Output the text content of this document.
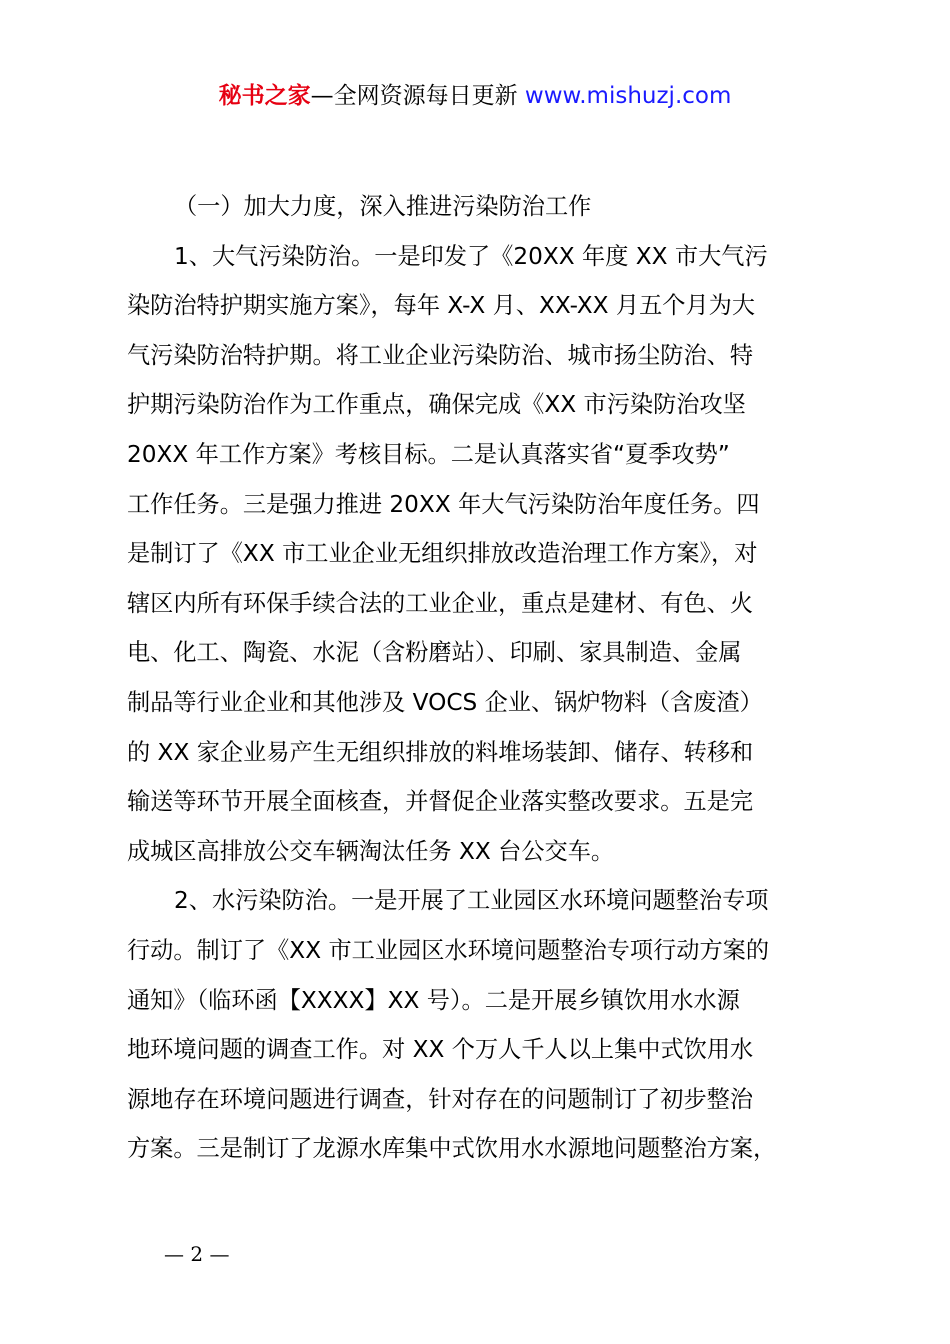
秘书之家—全网资源每日更新 www.mishuzj.com
（一）加大力度，深入推进污染防治工作
1、大气污染防治。一是印发了《20XX 年度 XX 市大气污
染防治特护期实施方案》，每年 X-X 月、XX-XX 月五个月为大
气污染防治特护期。将工业企业污染防治、城市扬尘防治、特
护期污染防治作为工作重点，确保完成《XX 市污染防治攻坚
20XX 年工作方案》考核目标。二是认真落实省“夏季攻势”
工作任务。三是强力推进 20XX 年大气污染防治年度任务。四
是制订了《XX 市工业企业无组织排放改造治理工作方案》，对
辖区内所有环保手续合法的工业企业，重点是建材、有色、火
电、化工、陶瓷、水泥（含粉磨站）、印刷、家具制造、金属
制品等行业企业和其他涉及 VOCS 企业、锅炉物料（含废渣）
的 XX 家企业易产生无组织排放的料堆场装卸、储存、转移和
输送等环节开展全面核查，并督促企业落实整改要求。五是完
成城区高排放公交车辆淘汰任务 XX 台公交车。
2、水污染防治。一是开展了工业园区水环境问题整治专项
行动。制订了《XX 市工业园区水环境问题整治专项行动方案的
通知》（临环函【XXXX】XX 号）。二是开展乡镇饮用水水源
地环境问题的调查工作。对 XX 个万人千人以上集中式饮用水
源地存在环境问题进行调查，针对存在的问题制订了初步整治
方案。三是制订了龙源水库集中式饮用水水源地问题整治方案，
— 2 —
